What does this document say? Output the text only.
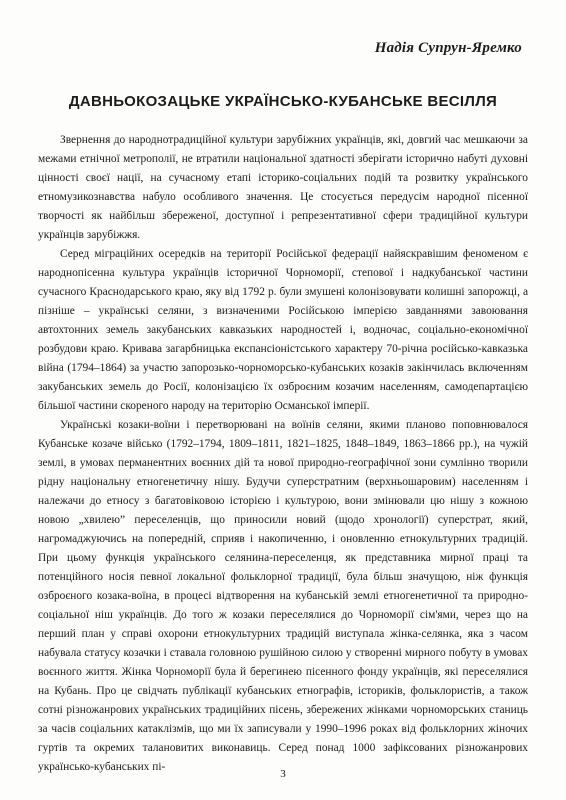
Надія Супрун-Яремко
ДАВНЬОКОЗАЦЬКЕ УКРАЇНСЬКО-КУБАНСЬКЕ ВЕСІЛЛЯ

Звернення до народнотрадиційної культури зарубіжних українців, які, довгий час мешкаючи за межами етнічної метрополії, не втратили національної здатності зберігати історично набуті духовні цінності своєї нації, на сучасному етапі історико-соціальних подій та розвитку українського етномузикознавства набуло особливого значення. Це стосується передусім народної пісенної творчості як найбільш збереженої, доступної і репрезентативної сфери традиційної культури українців зарубіжжя.

Серед міграційних осередків на території Російської федерації найяскравішим феноменом є народнопісенна культура українців історичної Чорноморії, степової і надкубанської частини сучасного Краснодарського краю, яку від 1792 р. були змушені колонізовувати колишні запорожці, а пізніше – українські селяни, з визначеними Російською імперією завданнями завоювання автохтонних земель закубанських кавказьких народностей і, водночас, соціально-економічної розбудови краю. Кривава загарбницька експансіоністського характеру 70-річна російсько-кавказька війна (1794–1864) за участю запорозько-чорноморсько-кубанських козаків закінчилась включенням закубанських земель до Росії, колонізацією їх озброєним козачим населенням, самодепартацією більшої частини скореного народу на територію Османської імперії.

Українські козаки-воїни і перетворювані на воїнів селяни, якими планово поповнювалося Кубанське козаче військо (1792–1794, 1809–1811, 1821–1825, 1848–1849, 1863–1866 рр.), на чужій землі, в умовах перманентних воєнних дій та нової природно-географічної зони сумлінно творили рідну національну етногенетичну нішу. Будучи суперстратним (верхньошаровим) населенням і належачи до етносу з багатовіковою історією і культурою, вони змінювали цю нішу з кожною новою „хвилею” переселенців, що приносили новий (щодо хронології) суперстрат, який, нагромаджуючись на попередній, сприяв і накопиченню, і оновленню етнокультурних традицій. При цьому функція українського селянина-переселенця, як представника мирної праці та потенційного носія певної локальної фольклорної традиції, була більш значущою, ніж функція озброєного козака-воїна, в процесі відтворення на кубанській землі етногенетичної та природно-соціальної ніш українців. До того ж козаки переселялися до Чорноморії сім'ями, через що на перший план у справі охорони етнокультурних традицій виступала жінка-селянка, яка з часом набувала статусу козачки і ставала головною рушійною силою у створенні мирного побуту в умовах воєнного життя. Жінка Чорноморії була й берегинею пісенного фонду українців, які переселялися на Кубань. Про це свідчать публікації кубанських етнографів, істориків, фольклористів, а також сотні різножанрових українських традиційних пісень, збережених жінками чорноморських станиць за часів соціальних катаклізмів, що ми їх записували у 1990–1996 роках від фольклорних жіночих гуртів та окремих талановитих виконавиць. Серед понад 1000 зафіксованих різножанрових українсько-кубанських пі-

3
